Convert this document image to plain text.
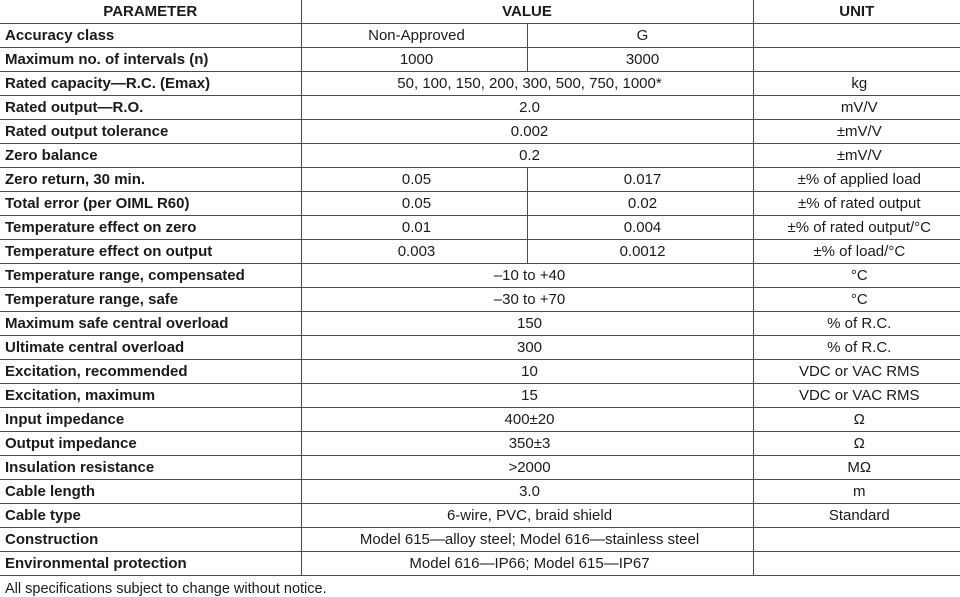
PARAMETER	VALUE		UNIT
Accuracy class	Non-Approved	G	
Maximum no. of intervals (n)	1000	3000	
Rated capacity—R.C. (Emax)	50, 100, 150, 200, 300, 500, 750, 1000*		kg
Rated output—R.O.	2.0		mV/V
Rated output tolerance	0.002		±mV/V
Zero balance	0.2		±mV/V
Zero return, 30 min.	0.05	0.017	±% of applied load
Total error (per OIML R60)	0.05	0.02	±% of rated output
Temperature effect on zero	0.01	0.004	±% of rated output/°C
Temperature effect on output	0.003	0.0012	±% of load/°C
Temperature range, compensated	–10 to +40		°C
Temperature range, safe	–30 to +70		°C
Maximum safe central overload	150		% of R.C.
Ultimate central overload	300		% of R.C.
Excitation, recommended	10		VDC or VAC RMS
Excitation, maximum	15		VDC or VAC RMS
Input impedance	400±20		Ω
Output impedance	350±3		Ω
Insulation resistance	>2000		MΩ
Cable length	3.0		m
Cable type	6-wire, PVC, braid shield		Standard
Construction	Model 615—alloy steel; Model 616—stainless steel		
Environmental protection	Model 616—IP66; Model 615—IP67		
All specifications subject to change without notice.
